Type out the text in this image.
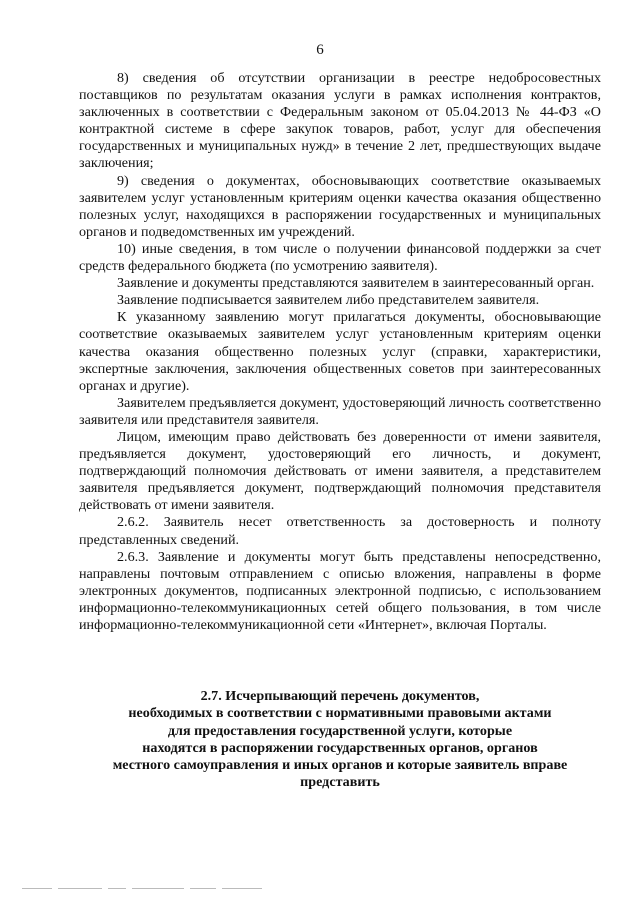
6

8) сведения об отсутствии организации в реестре недобросовестных поставщиков по результатам оказания услуги в рамках исполнения контрактов, заключенных в соответствии с Федеральным законом от 05.04.2013 № 44-ФЗ «О контрактной системе в сфере закупок товаров, работ, услуг для обеспечения государственных и муниципальных нужд» в течение 2 лет, предшествующих выдаче заключения;

9) сведения о документах, обосновывающих соответствие оказываемых заявителем услуг установленным критериям оценки качества оказания общественно полезных услуг, находящихся в распоряжении государственных и муниципальных органов и подведомственных им учреждений.

10) иные сведения, в том числе о получении финансовой поддержки за счет средств федерального бюджета (по усмотрению заявителя).

Заявление и документы представляются заявителем в заинтересованный орган.

Заявление подписывается заявителем либо представителем заявителя.

К указанному заявлению могут прилагаться документы, обосновывающие соответствие оказываемых заявителем услуг установленным критериям оценки качества оказания общественно полезных услуг (справки, характеристики, экспертные заключения, заключения общественных советов при заинтересованных органах и другие).

Заявителем предъявляется документ, удостоверяющий личность соответственно заявителя или представителя заявителя.

Лицом, имеющим право действовать без доверенности от имени заявителя, предъявляется документ, удостоверяющий его личность, и документ, подтверждающий полномочия действовать от имени заявителя, а представителем заявителя предъявляется документ, подтверждающий полномочия представителя действовать от имени заявителя.

2.6.2. Заявитель несет ответственность за достоверность и полноту представленных сведений.

2.6.3. Заявление и документы могут быть представлены непосредственно, направлены почтовым отправлением с описью вложения, направлены в форме электронных документов, подписанных электронной подписью, с использованием информационно-телекоммуникационных сетей общего пользования, в том числе информационно-телекоммуникационной сети «Интернет», включая Порталы.

2.7. Исчерпывающий перечень документов,
необходимых в соответствии с нормативными правовыми актами
для предоставления государственной услуги, которые
находятся в распоряжении государственных органов, органов
местного самоуправления и иных органов и которые заявитель вправе
представить
